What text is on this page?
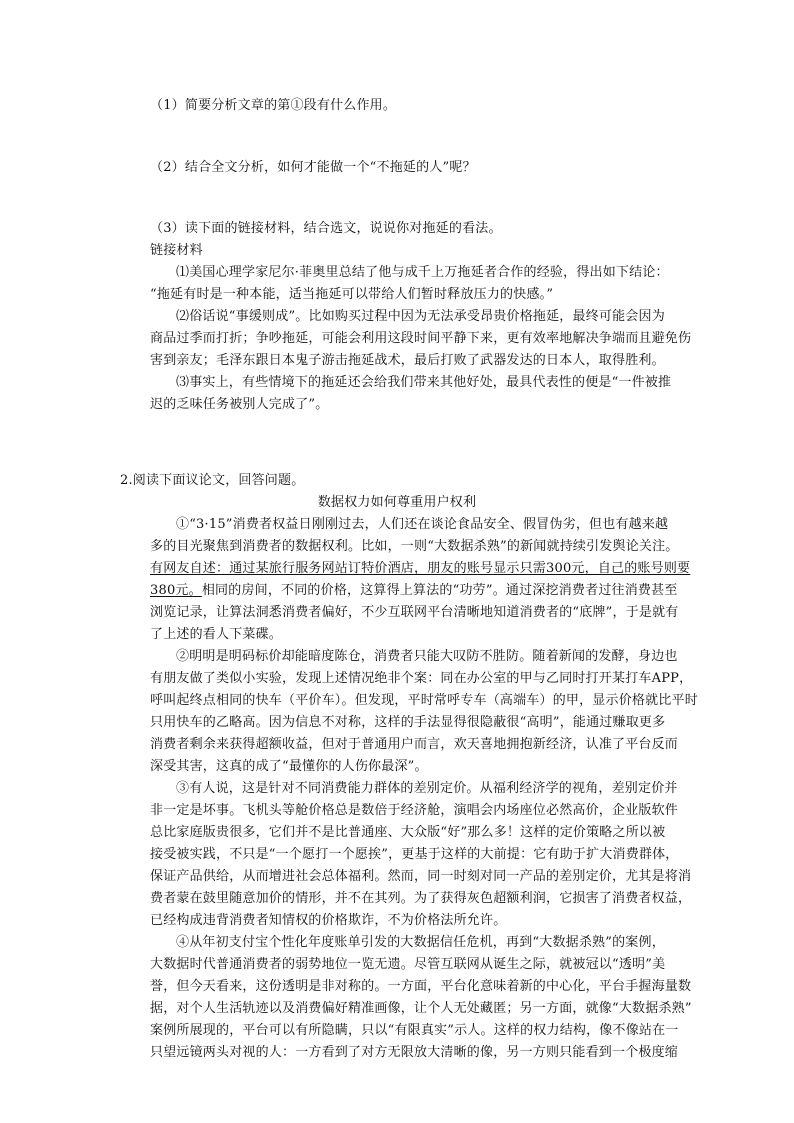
（1）简要分析文章的第①段有什么作用。
（2）结合全文分析，如何才能做一个“不拖延的人”呢？
（3）读下面的链接材料，结合选文，说说你对拖延的看法。
链接材料
⑴美国心理学家尼尔·菲奥里总结了他与成千上万拖延者合作的经验，得出如下结论：
“拖延有时是一种本能，适当拖延可以带给人们暂时释放压力的快感。”
⑵俗话说“事缓则成”。比如购买过程中因为无法承受昂贵价格拖延，最终可能会因为
商品过季而打折；争吵拖延，可能会利用这段时间平静下来，更有效率地解决争端而且避免伤
害到亲友；毛泽东跟日本鬼子游击拖延战术，最后打败了武器发达的日本人，取得胜利。
⑶事实上，有些情境下的拖延还会给我们带来其他好处，最具代表性的便是“一件被推
迟的乏味任务被别人完成了”。
2.阅读下面议论文，回答问题。
数据权力如何尊重用户权利
①“3·15”消费者权益日刚刚过去，人们还在谈论食品安全、假冒伪劣，但也有越来越
多的目光聚焦到消费者的数据权利。比如，一则“大数据杀熟”的新闻就持续引发舆论关注。
有网友自述：通过某旅行服务网站订特价酒店，朋友的账号显示只需300元，自己的账号则要
380元。相同的房间，不同的价格，这算得上算法的“功劳”。通过深挖消费者过往消费甚至
浏览记录，让算法洞悉消费者偏好，不少互联网平台清晰地知道消费者的“底牌”，于是就有
了上述的看人下菜碟。
②明明是明码标价却能暗度陈仓，消费者只能大叹防不胜防。随着新闻的发酵，身边也
有朋友做了类似小实验，发现上述情况绝非个案：同在办公室的甲与乙同时打开某打车APP，
呼叫起终点相同的快车（平价车）。但发现，平时常呼专车（高端车）的甲，显示价格就比平时
只用快车的乙略高。因为信息不对称，这样的手法显得很隐蔽很“高明”，能通过赚取更多
消费者剩余来获得超额收益，但对于普通用户而言，欢天喜地拥抱新经济，认准了平台反而
深受其害，这真的成了“最懂你的人伤你最深”。
③有人说，这是针对不同消费能力群体的差别定价。从福利经济学的视角，差别定价并
非一定是坏事。飞机头等舱价格总是数倍于经济舱，演唱会内场座位必然高价，企业版软件
总比家庭版贵很多，它们并不是比普通座、大众版“好”那么多！这样的定价策略之所以被
接受被实践，不只是“一个愿打一个愿挨”，更基于这样的大前提：它有助于扩大消费群体，
保证产品供给，从而增进社会总体福利。然而，同一时刻对同一产品的差别定价，尤其是将消
费者蒙在鼓里随意加价的情形，并不在其列。为了获得灰色超额利润，它损害了消费者权益，
已经构成违背消费者知情权的价格欺诈，不为价格法所允许。
④从年初支付宝个性化年度账单引发的大数据信任危机，再到“大数据杀熟”的案例，
大数据时代普通消费者的弱势地位一览无遗。尽管互联网从诞生之际，就被冠以“透明”美
誉，但今天看来，这份透明是非对称的。一方面，平台化意味着新的中心化，平台手握海量数
据，对个人生活轨迹以及消费偏好精准画像，让个人无处藏匿；另一方面，就像“大数据杀熟”
案例所展现的，平台可以有所隐瞒，只以“有限真实”示人。这样的权力结构，像不像站在一
只望远镜两头对视的人：一方看到了对方无限放大清晰的像，另一方则只能看到一个极度缩
